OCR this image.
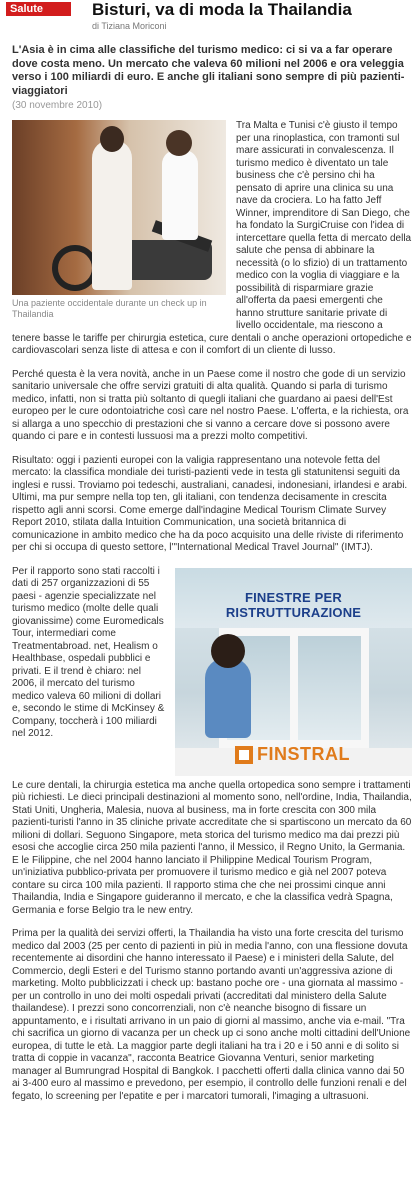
Salute	Bisturi, va di moda la Thailandia
di Tiziana Moriconi

L'Asia è in cima alle classifiche del turismo medico: ci si va a far operare dove costa meno. Un mercato che valeva 60 milioni nel 2006 e ora veleggia verso i 100 miliardi di euro. E anche gli italiani sono sempre di più pazienti-viaggiatori

(30 novembre 2010)
Una paziente occidentale durante un check up in Thailandia

Tra Malta e Tunisi c'è giusto il tempo per una rinoplastica, con tramonti sul mare assicurati in convalescenza. Il turismo medico è diventato un tale business che c'è persino chi ha pensato di aprire una clinica su una nave da crociera. Lo ha fatto Jeff Winner, imprenditore di San Diego, che ha fondato la SurgiCruise con l'idea di intercettare quella fetta di mercato della salute che pensa di abbinare la necessità (o lo sfizio) di un trattamento medico con la voglia di viaggiare e la possibilità di risparmiare grazie all'offerta da paesi emergenti che hanno strutture sanitarie private di livello occidentale, ma riescono a tenere basse le tariffe per chirurgia estetica, cure dentali o anche operazioni ortopediche e cardiovascolari senza liste di attesa e con il comfort di un cliente di lusso.

Perché questa è la vera novità, anche in un Paese come il nostro che gode di un servizio sanitario universale che offre servizi gratuiti di alta qualità. Quando si parla di turismo medico, infatti, non si tratta più soltanto di quegli italiani che guardano ai paesi dell'Est europeo per le cure odontoiatriche così care nel nostro Paese. L'offerta, e la richiesta, ora si allarga a uno specchio di prestazioni che si vanno a cercare dove si possono avere quando ci pare e in contesti lussuosi ma a prezzi molto competitivi.

Risultato: oggi i pazienti europei con la valigia rappresentano una notevole fetta del mercato: la classifica mondiale dei turisti-pazienti vede in testa gli statunitensi seguiti da inglesi e russi. Troviamo poi tedeschi, australiani, canadesi, indonesiani, irlandesi e arabi. Ultimi, ma pur sempre nella top ten, gli italiani, con tendenza decisamente in crescita rispetto agli anni scorsi. Come emerge dall'indagine Medical Tourism Climate Survey Report 2010, stilata dalla Intuition Communication, una società britannica di comunicazione in ambito medico che ha da poco acquisito una delle riviste di riferimento per chi si occupa di questo settore, l'"International Medical Travel Journal" (IMTJ).

FINESTRE PER
RISTRUTTURAZIONE
FINSTRAL

Per il rapporto sono stati raccolti i dati di 257 organizzazioni di 55 paesi - agenzie specializzate nel turismo medico (molte delle quali giovanissime) come Euromedicals Tour, intermediari come Treatmentabroad. net, Healism o Healthbase, ospedali pubblici e privati. E il trend è chiaro: nel 2006, il mercato del turismo medico valeva 60 milioni di dollari e, secondo le stime di McKinsey & Company, toccherà i 100 miliardi nel 2012.

Le cure dentali, la chirurgia estetica ma anche quella ortopedica sono sempre i trattamenti più richiesti. Le dieci principali destinazioni al momento sono, nell'ordine, India, Thailandia, Stati Uniti, Ungheria, Malesia, nuova al business, ma in forte crescita con 300 mila pazienti-turisti l'anno in 35 cliniche private accreditate che si spartiscono un mercato da 60 milioni di dollari. Seguono Singapore, meta storica del turismo medico ma dai prezzi più esosi che accoglie circa 250 mila pazienti l'anno, il Messico, il Regno Unito, la Germania. E le Filippine, che nel 2004 hanno lanciato il Philippine Medical Tourism Program, un'iniziativa pubblico-privata per promuovere il turismo medico e già nel 2007 poteva contare su circa 100 mila pazienti. Il rapporto stima che che nei prossimi cinque anni Thailandia, India e Singapore guideranno il mercato, e che la classifica vedrà Spagna, Germania e forse Belgio tra le new entry.

Prima per la qualità dei servizi offerti, la Thailandia ha visto una forte crescita del turismo medico dal 2003 (25 per cento di pazienti in più in media l'anno, con una flessione dovuta recentemente ai disordini che hanno interessato il Paese) e i ministeri della Salute, del Commercio, degli Esteri e del Turismo stanno portando avanti un'aggressiva azione di marketing. Molto pubblicizzati i check up: bastano poche ore - una giornata al massimo - per un controllo in uno dei molti ospedali privati (accreditati dal ministero della Salute thailandese). I prezzi sono concorrenziali, non c'è neanche bisogno di fissare un appuntamento, e i risultati arrivano in un paio di giorni al massimo, anche via e-mail. "Tra chi sacrifica un giorno di vacanza per un check up ci sono anche molti cittadini dell'Unione europea, di tutte le età. La maggior parte degli italiani ha tra i 20 e i 50 anni e di solito si tratta di coppie in vacanza", racconta Beatrice Giovanna Venturi, senior marketing manager al Bumrungrad Hospital di Bangkok. I pacchetti offerti dalla clinica vanno dai 50 ai 3-400 euro al massimo e prevedono, per esempio, il controllo delle funzioni renali e del fegato, lo screening per l'epatite e per i marcatori tumorali, l'imaging a ultrasuoni.
